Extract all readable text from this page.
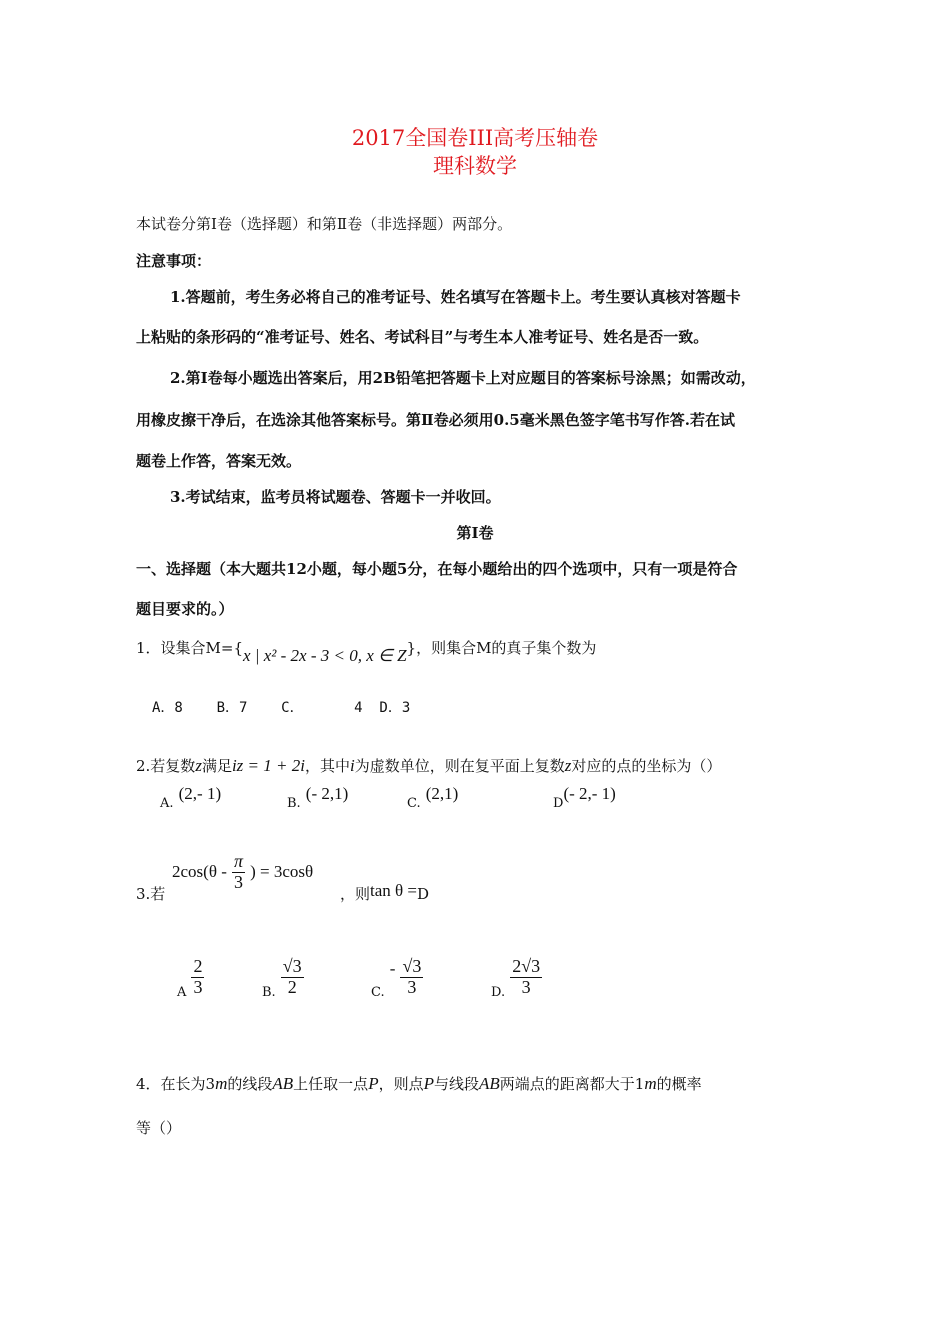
2017全国卷III高考压轴卷
理科数学
本试卷分第Ⅰ卷（选择题）和第Ⅱ卷（非选择题）两部分。
注意事项：
1.答题前，考生务必将自己的准考证号、姓名填写在答题卡上。考生要认真核对答题卡
上粘贴的条形码的“准考证号、姓名、考试科目”与考生本人准考证号、姓名是否一致。
2.第Ⅰ卷每小题选出答案后，用2B铅笔把答题卡上对应题目的答案标号涂黑；如需改动，
用橡皮擦干净后，在选涂其他答案标号。第Ⅱ卷必须用0.5毫米黑色签字笔书写作答.若在试
题卷上作答，答案无效。
3.考试结束，监考员将试题卷、答题卡一并收回。
第Ⅰ卷
一、选择题（本大题共12小题，每小题5分，在每小题给出的四个选项中，只有一项是符合
题目要求的。）
1．设集合M={x | x² - 2x - 3 < 0, x ∈ Z}，则集合M的真子集个数为
A．8    B．7    C．      4  D．3
2.若复数z满足iz = 1 + 2i，其中i为虚数单位，则在复平面上复数z对应的点的坐标为（）
A. (2,- 1)
B. (- 2,1)
C. (2,1)
D(- 2,- 1)
$2\cos(\theta - \frac{\pi}{3}$ ) = 3cosθ
3.若	，则tan θ =D
$_A \frac{2}{3}$	$_{B.} \frac{√3}{2}$	$_{C.} - \frac{√3}{3}$	$_{D.} \frac{2√3}{3}$
4．在长为3m的线段AB上任取一点P，则点P与线段AB两端点的距离都大于1m的概率
等（）
